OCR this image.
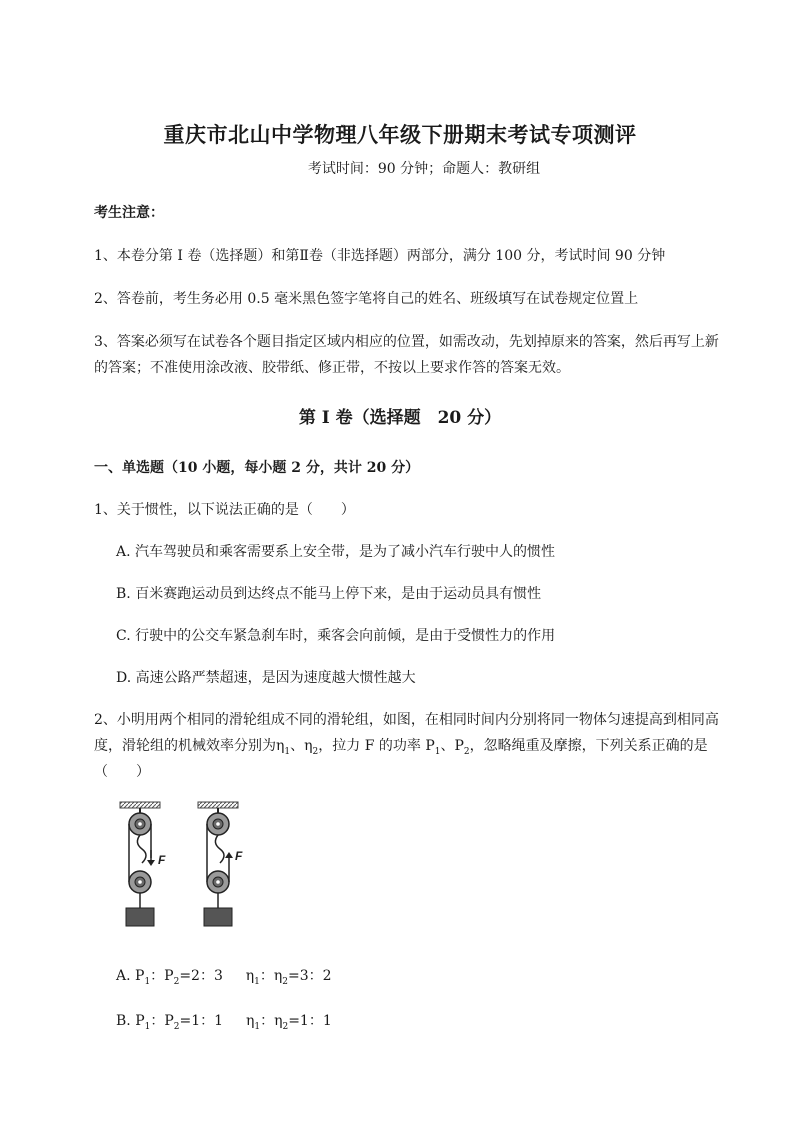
重庆市北山中学物理八年级下册期末考试专项测评
考试时间：90 分钟；命题人：教研组
考生注意：
1、本卷分第 I 卷（选择题）和第Ⅱ卷（非选择题）两部分，满分 100 分，考试时间 90 分钟
2、答卷前，考生务必用 0.5 毫米黑色签字笔将自己的姓名、班级填写在试卷规定位置上
3、答案必须写在试卷各个题目指定区域内相应的位置，如需改动，先划掉原来的答案，然后再写上新
的答案；不准使用涂改液、胶带纸、修正带，不按以上要求作答的答案无效。
第 I 卷（选择题　20 分）
一、单选题（10 小题，每小题 2 分，共计 20 分）
1、关于惯性，以下说法正确的是（　　）
A. 汽车驾驶员和乘客需要系上安全带，是为了减小汽车行驶中人的惯性
B. 百米赛跑运动员到达终点不能马上停下来，是由于运动员具有惯性
C. 行驶中的公交车紧急刹车时，乘客会向前倾，是由于受惯性力的作用
D. 高速公路严禁超速，是因为速度越大惯性越大
2、小明用两个相同的滑轮组成不同的滑轮组，如图，在相同时间内分别将同一物体匀速提高到相同高
度，滑轮组的机械效率分别为$\eta_1$、$\eta_2$，拉力 F 的功率 $P_1$、$P_2$，忽略绳重及摩擦，下列关系正确的是
（　　）
F	F
A. $P_1$：$P_2=2$：3　 $\eta_1$：$\eta_2=3$：2
B. $P_1$：$P_2=1$：1　 $\eta_1$：$\eta_2=1$：1
